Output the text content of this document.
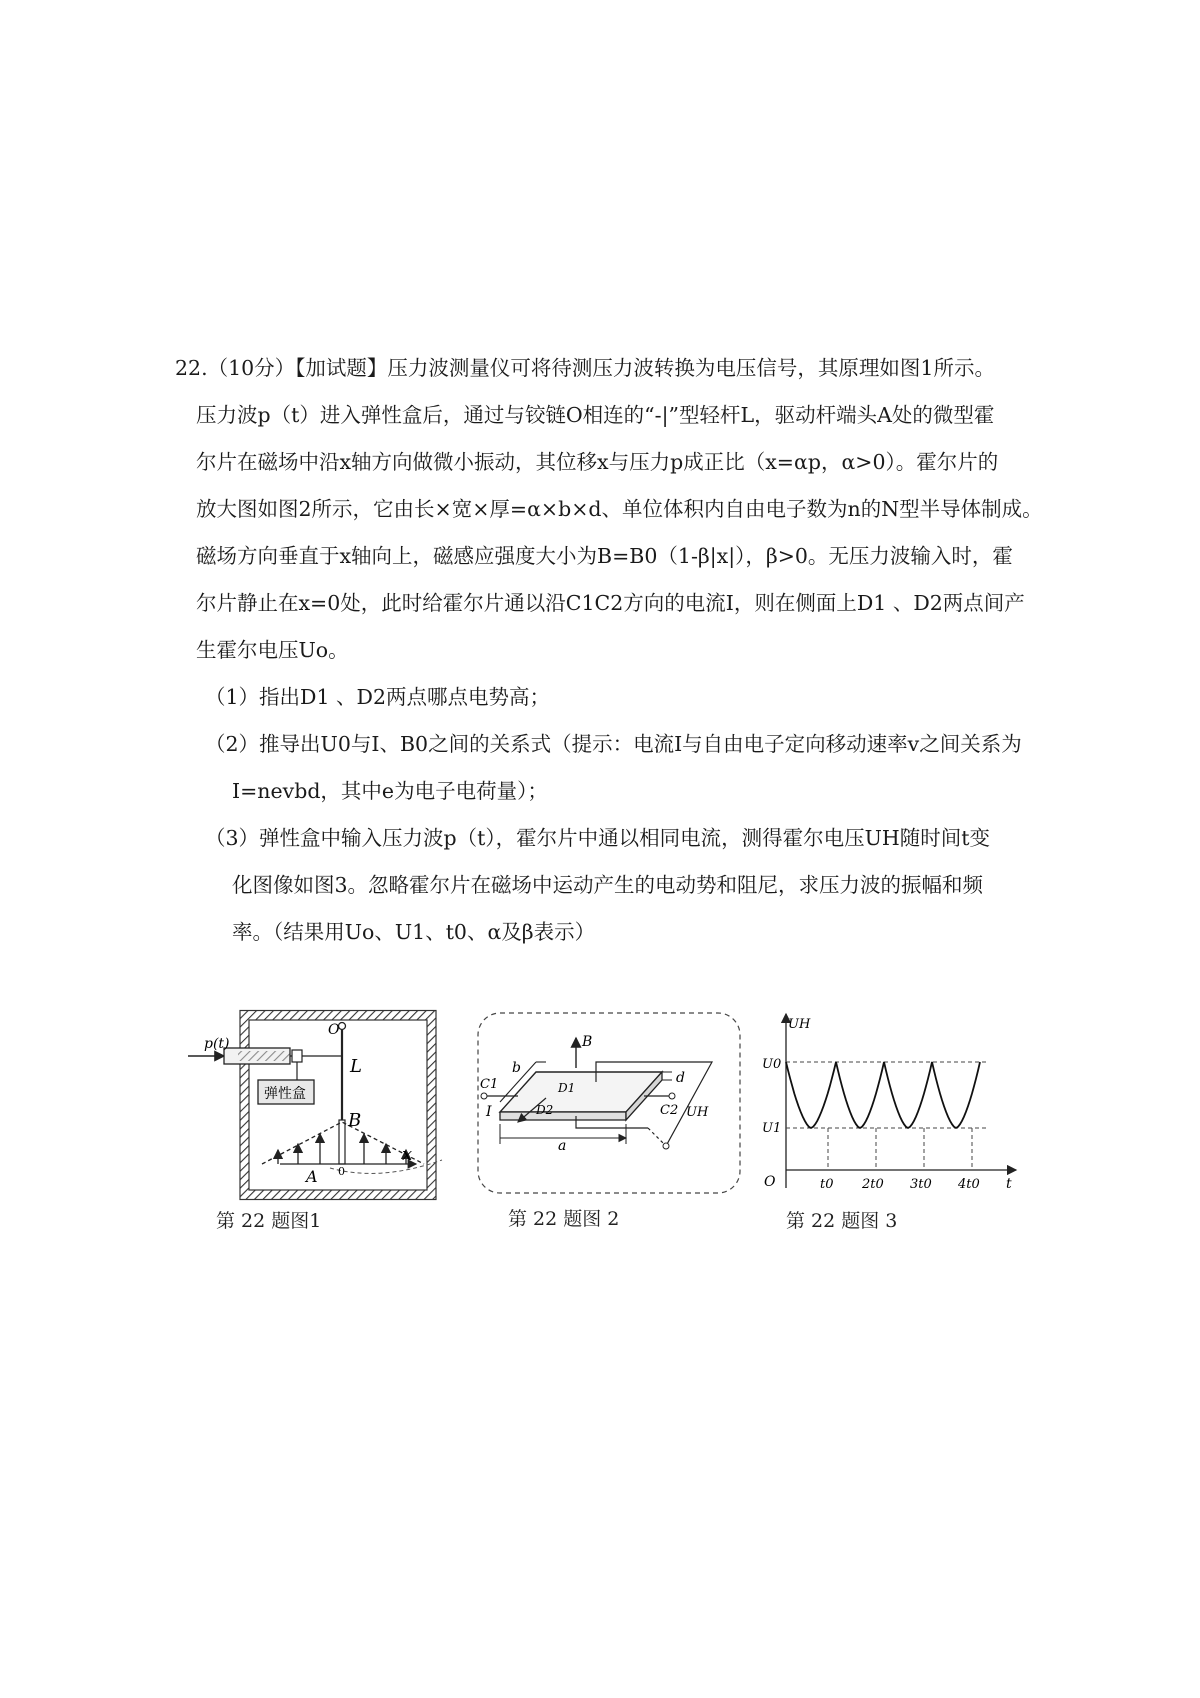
22.（10分）【加试题】压力波测量仪可将待测压力波转换为电压信号，其原理如图1所示。
压力波p（t）进入弹性盒后，通过与铰链O相连的“-|”型轻杆L，驱动杆端头A处的微型霍
尔片在磁场中沿x轴方向做微小振动，其位移x与压力p成正比（x=αp，α>0）。霍尔片的
放大图如图2所示，它由长×宽×厚=α×b×d、单位体积内自由电子数为n的N型半导体制成。
磁场方向垂直于x轴向上，磁感应强度大小为B=B0（1-β|x|），β>0。无压力波输入时，霍
尔片静止在x=0处，此时给霍尔片通以沿C1C2方向的电流I，则在侧面上D1 、D2两点间产
生霍尔电压Uo。
（1）指出D1 、D2两点哪点电势高；
（2）推导出U0与I、B0之间的关系式（提示：电流I与自由电子定向移动速率v之间关系为
I=nevbd，其中e为电子电荷量）；
（3）弹性盒中输入压力波p（t），霍尔片中通以相同电流，测得霍尔电压UH随时间t变
化图像如图3。忽略霍尔片在磁场中运动产生的电动势和阻尼，求压力波的振幅和频
率。（结果用Uo、U1、t0、α及β表示）
p(t)
弹性盒
O
L
B
A 0
x
第 22 题图1
B
b
d
C1
C2
D1
D2
I	UH
a
第 22 题图 2
UH
U0
U1
O	t
t0 2t0 3t0 4t0
第 22 题图 3
